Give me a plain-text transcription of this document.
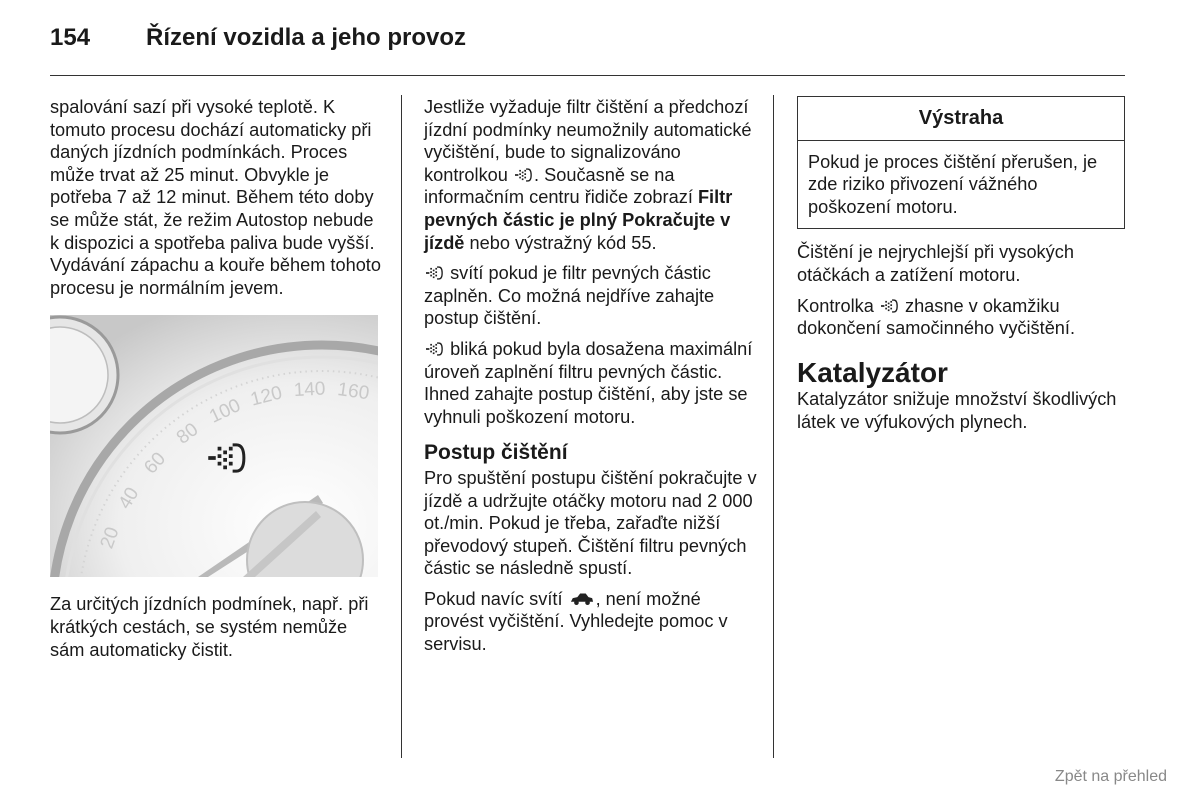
154 Řízení vozidla a jeho provoz

spalování sazí při vysoké teplotě. K tomuto procesu dochází automaticky při daných jízdních podmínkách. Proces může trvat až 25 minut. Obvykle je potřeba 7 až 12 minut. Během této doby se může stát, že režim Autostop nebude k dispozici a spotřeba paliva bude vyšší. Vydávání zápachu a kouře během tohoto procesu je normálním jevem.

20
40
60
80
100 120 140 160

Za určitých jízdních podmínek, např. při krátkých cestách, se systém nemůže sám automaticky čistit.

Jestliže vyžaduje filtr čištění a předchozí jízdní podmínky neumožnily automatické vyčištění, bude to signalizováno kontrolkou . Současně se na informačním centru řidiče zobrazí Filtr pevných částic je plný Pokračujte v jízdě nebo výstražný kód 55.

svítí pokud je filtr pevných částic zaplněn. Co možná nejdříve zahajte postup čištění.

bliká pokud byla dosažena maximální úroveň zaplnění filtru pevných částic. Ihned zahajte postup čištění, aby jste se vyhnuli poškození motoru.

Postup čištění

Pro spuštění postupu čištění pokračujte v jízdě a udržujte otáčky motoru nad 2 000 ot./min. Pokud je třeba, zařaďte nižší převodový stupeň. Čištění filtru pevných částic se následně spustí.

Pokud navíc svítí , není možné provést vyčištění. Vyhledejte pomoc v servisu.

Výstraha
Pokud je proces čištění přerušen, je zde riziko přivození vážného poškození motoru.

Čištění je nejrychlejší při vysokých otáčkách a zatížení motoru.

Kontrolka zhasne v okamžiku dokončení samočinného vyčištění.

Katalyzátor

Katalyzátor snižuje množství škodlivých látek ve výfukových plynech.

Zpět na přehled
